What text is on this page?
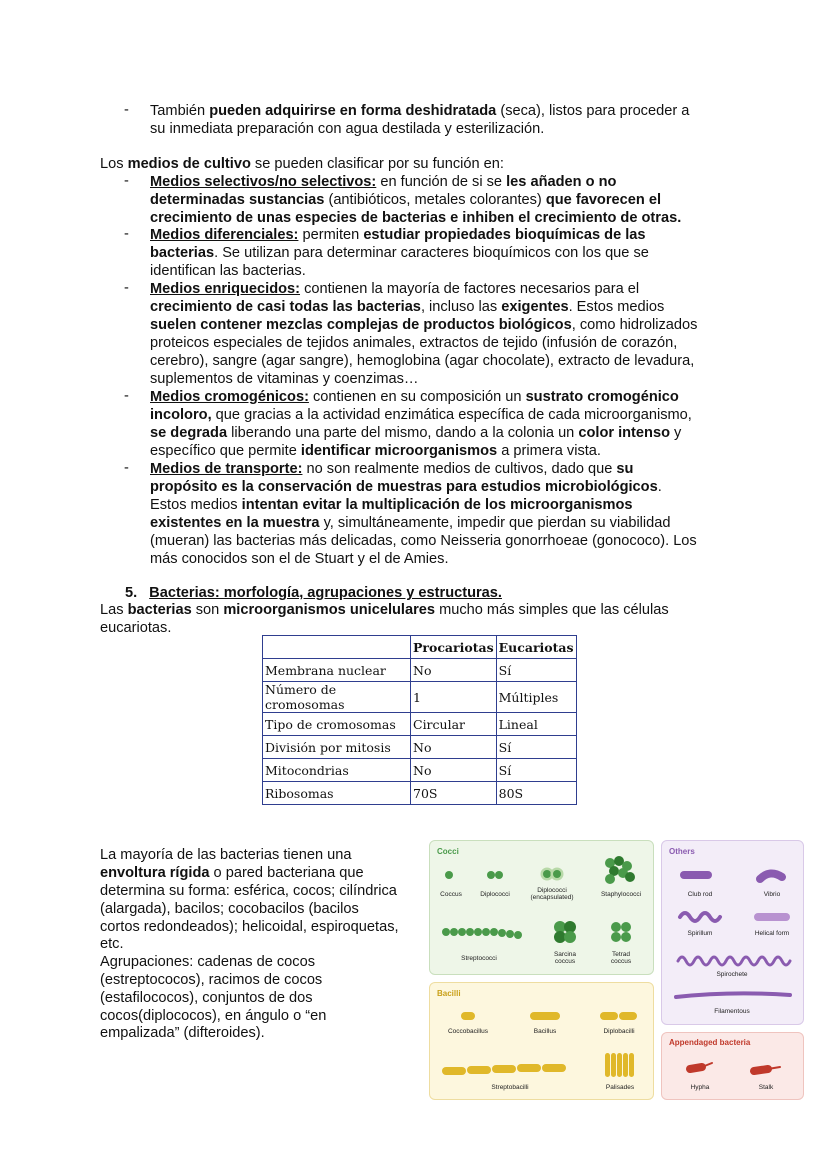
- También pueden adquirirse en forma deshidratada (seca), listos para proceder a
su inmediata preparación con agua destilada y esterilización.
Los medios de cultivo se pueden clasificar por su función en:
- Medios selectivos/no selectivos: en función de si se les añaden o no
determinadas sustancias (antibióticos, metales colorantes) que favorecen el
crecimiento de unas especies de bacterias e inhiben el crecimiento de otras.
- Medios diferenciales: permiten estudiar propiedades bioquímicas de las
bacterias. Se utilizan para determinar caracteres bioquímicos con los que se
identifican las bacterias.
- Medios enriquecidos: contienen la mayoría de factores necesarios para el
crecimiento de casi todas las bacterias, incluso las exigentes. Estos medios
suelen contener mezclas complejas de productos biológicos, como hidrolizados
proteicos especiales de tejidos animales, extractos de tejido (infusión de corazón,
cerebro), sangre (agar sangre), hemoglobina (agar chocolate), extracto de levadura,
suplementos de vitaminas y coenzimas…
- Medios cromogénicos: contienen en su composición un sustrato cromogénico
incoloro, que gracias a la actividad enzimática específica de cada microorganismo,
se degrada liberando una parte del mismo, dando a la colonia un color intenso y
específico que permite identificar microorganismos a primera vista.
- Medios de transporte: no son realmente medios de cultivos, dado que su
propósito es la conservación de muestras para estudios microbiológicos.
Estos medios intentan evitar la multiplicación de los microorganismos
existentes en la muestra y, simultáneamente, impedir que pierdan su viabilidad
(mueran) las bacterias más delicadas, como Neisseria gonorrhoeae (gonococo). Los
más conocidos son el de Stuart y el de Amies.
5. Bacterias: morfología, agrupaciones y estructuras.
Las bacterias son microorganismos unicelulares mucho más simples que las células
eucariotas.
	Procariotas	Eucariotas
Membrana nuclear	No	Sí
Número de cromosomas	1	Múltiples
Tipo de cromosomas	Circular	Lineal
División por mitosis	No	Sí
Mitocondrias	No	Sí
Ribosomas	70S	80S
La mayoría de las bacterias tienen una
envoltura rígida o pared bacteriana que
determina su forma: esférica, cocos; cilíndrica
(alargada), bacilos; cocobacilos (bacilos
cortos redondeados); helicoidal, espiroquetas,
etc.
Agrupaciones: cadenas de cocos
(estreptococos), racimos de cocos
(estafilococos), conjuntos de dos
cocos(diplococos), en ángulo o “en
empalizada” (difteroides).
Cocci
Coccus	Diplococci
Diplococci
(encapsulated)	Staphylococci
Streptococci
Sarcina
coccus
Tetrad
coccus
Bacilli
Coccobacillus	Bacillus	Diplobacilli
Streptobacilli	Palisades
Others
Club rod	Vibrio
Spirillum	Helical form
Spirochete
Filamentous
Appendaged bacteria
Hypha	Stalk
